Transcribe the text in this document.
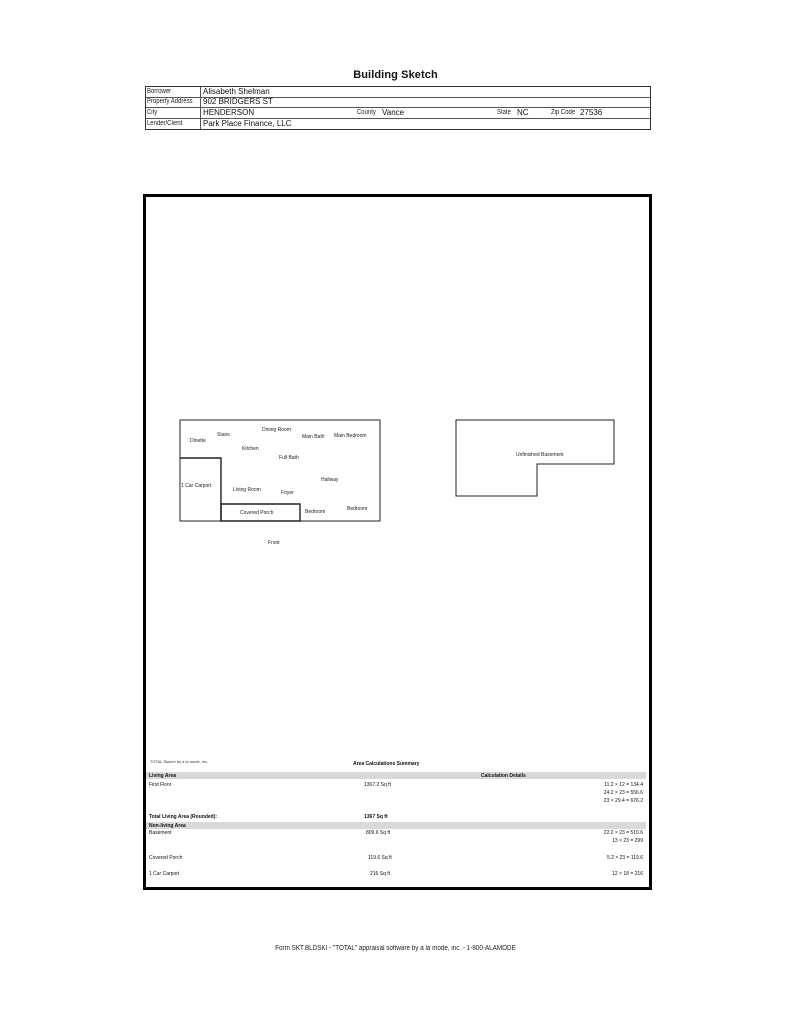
Building Sketch
Borrower	Alisabeth Shelman
Property Address 902 BRIDGERS ST
City	HENDERSON	County Vance	State NC	Zip Code 27536
Lender/Client	Park Place Finance, LLC
Dining Room
Stairs
Dinette
Main Bath Main Bedroom
Kitchen
Full Bath
Hallway
1 Car Carport
Living Room	Foyer
Bedroom	Bedroom
Covered Porch
Front
Unfinished Basement
TOTAL Sketch by a la mode, inc.	Area Calculations Summary
Living Area	Calculation Details
First Floor	1367.2 Sq ft	11.2 × 12 = 134.4
24.2 × 23 = 556.6
23 × 29.4 = 676.2
Total Living Area (Rounded):	1367 Sq ft
Non-living Area
Basement	809.6 Sq ft	22.2 × 23 = 510.6
13 × 23 = 299
Covered Porch	119.6 Sq ft	5.2 × 23 = 119.6
1 Car Carport	216 Sq ft	12 × 18 = 216
Form SKT.BLDSKI - "TOTAL" appraisal software by a la mode, inc. - 1-800-ALAMODE
